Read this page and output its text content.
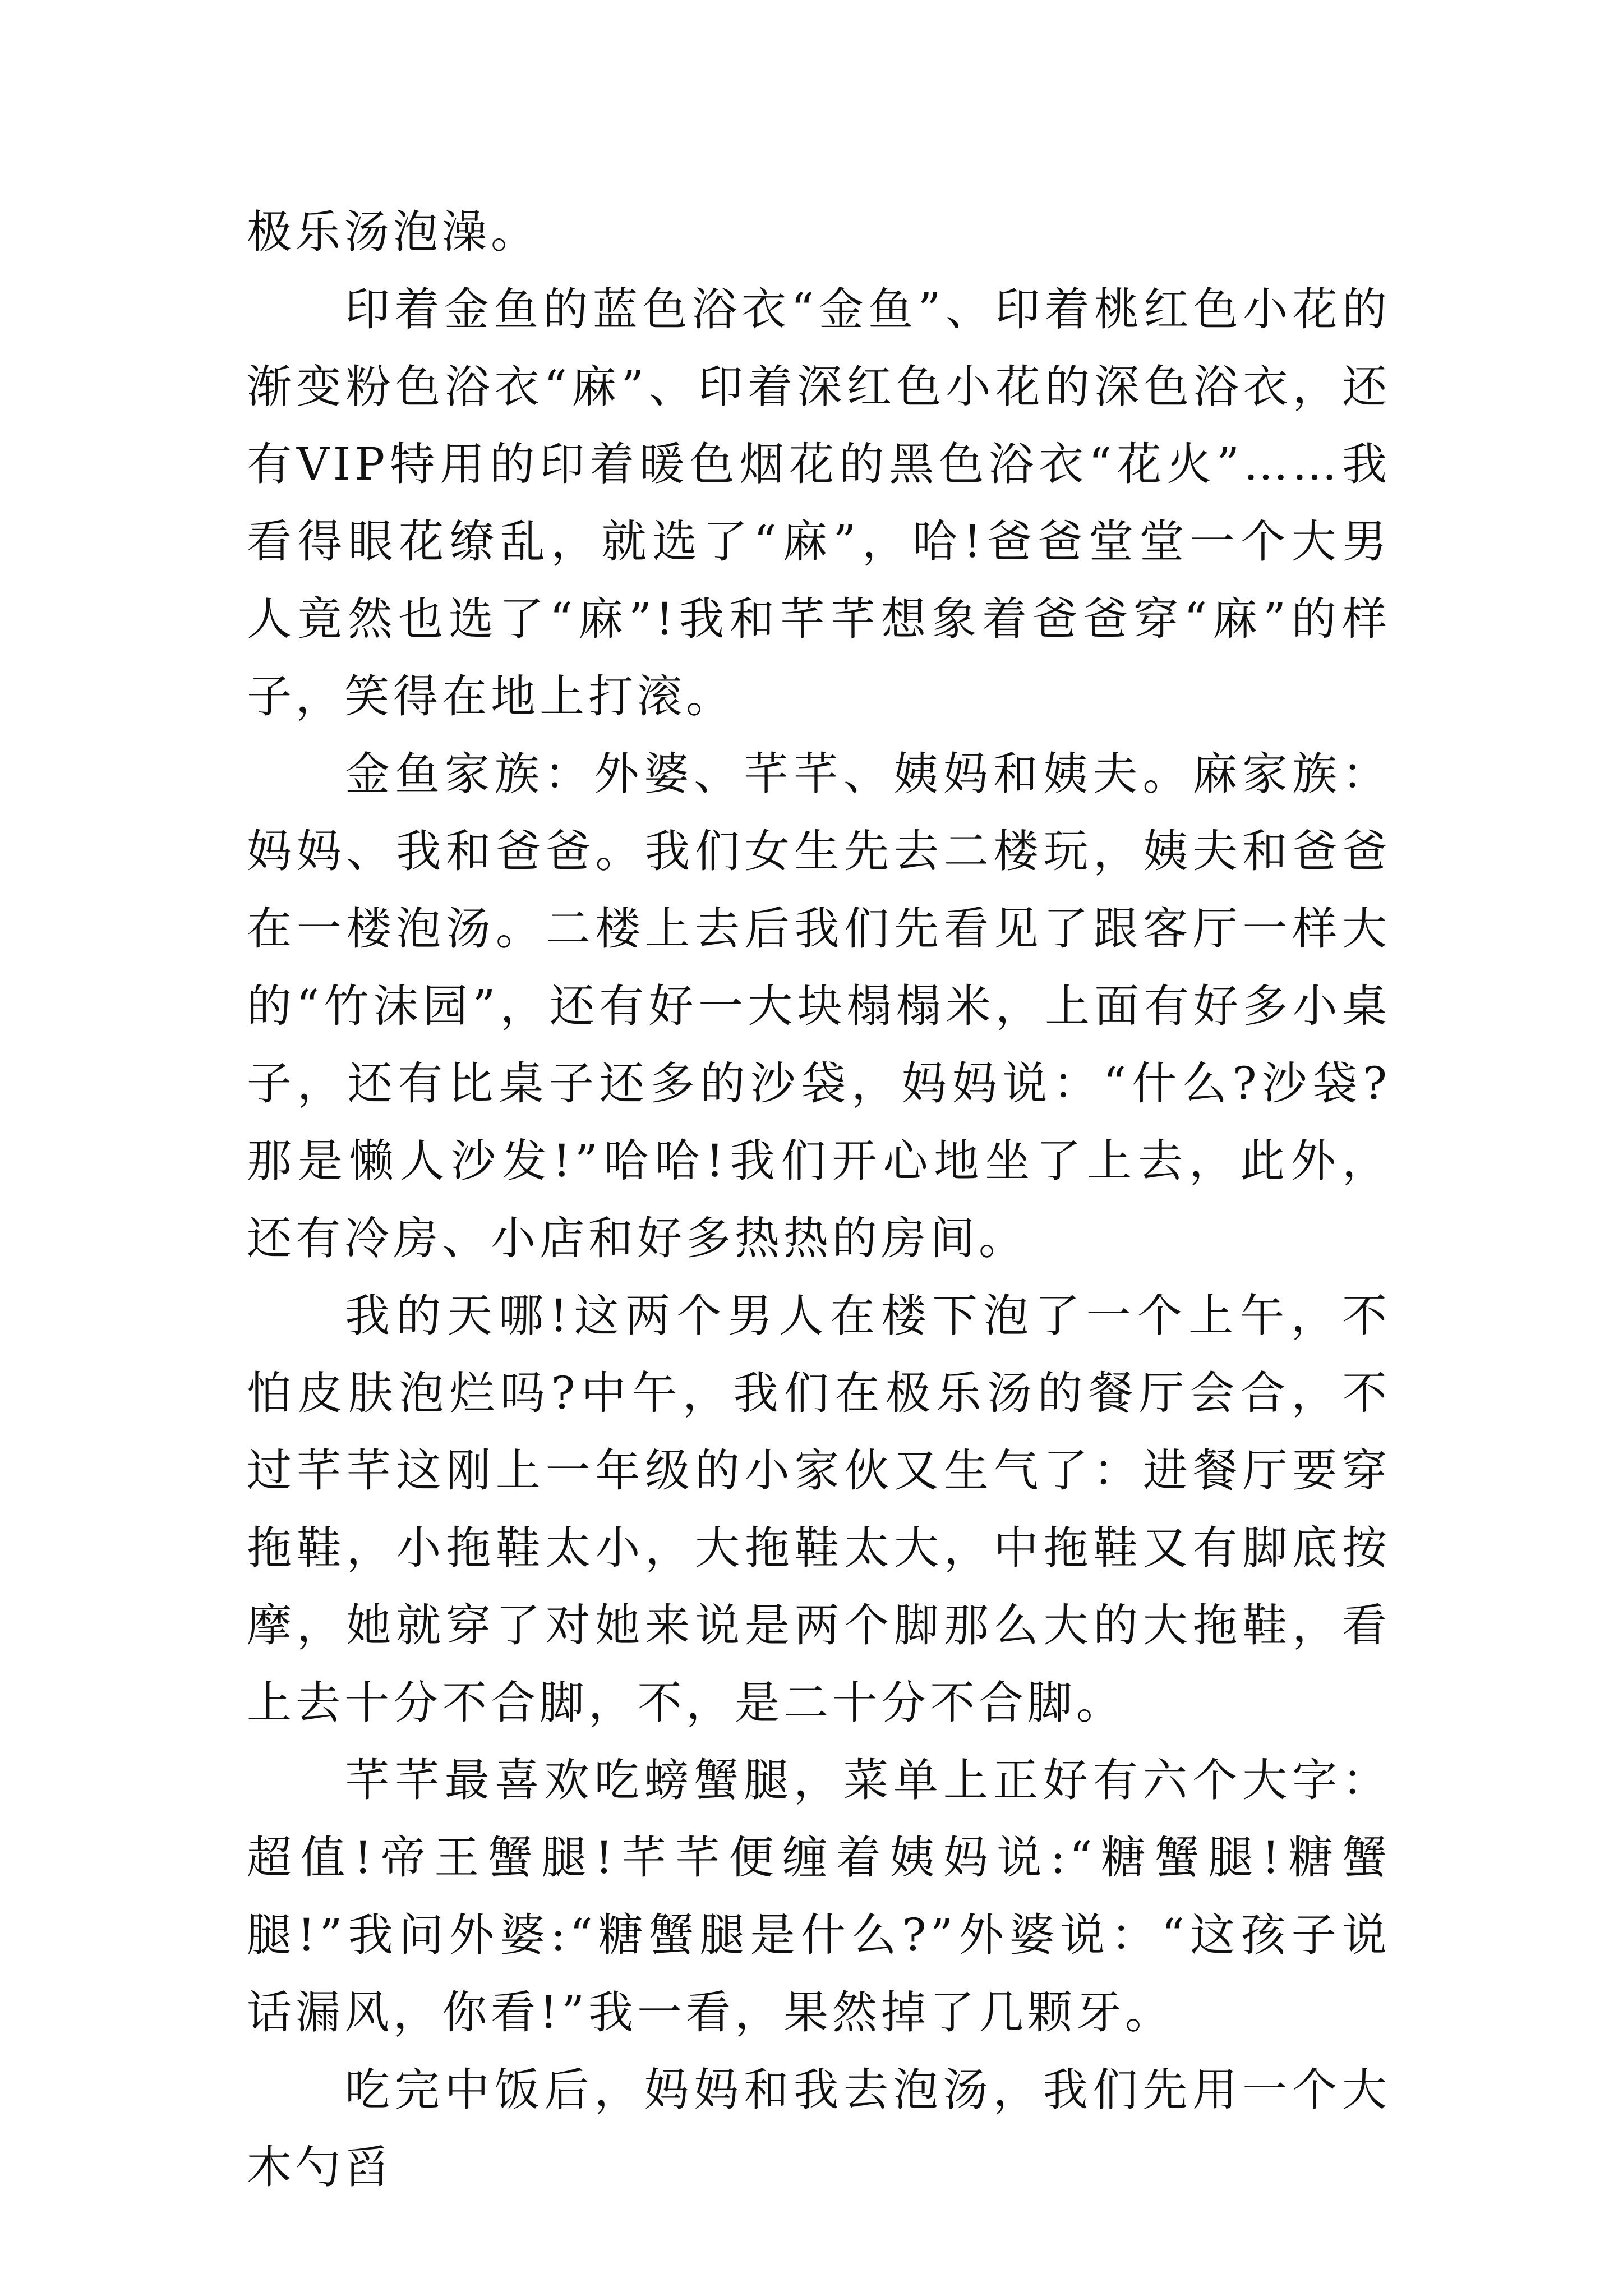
极乐汤泡澡。

印着金鱼的蓝色浴衣“金鱼”、印着桃红色小花的渐变粉色浴衣“麻”、印着深红色小花的深色浴衣，还有VIP特用的印着暖色烟花的黑色浴衣“花火”……我看得眼花缭乱，就选了“麻”，哈!爸爸堂堂一个大男人竟然也选了“麻”!我和芊芊想象着爸爸穿“麻”的样子，笑得在地上打滚。

金鱼家族：外婆、芊芊、姨妈和姨夫。麻家族：妈妈、我和爸爸。我们女生先去二楼玩，姨夫和爸爸在一楼泡汤。二楼上去后我们先看见了跟客厅一样大的“竹沫园”，还有好一大块榻榻米，上面有好多小桌子，还有比桌子还多的沙袋，妈妈说：“什么?沙袋?那是懒人沙发!”哈哈!我们开心地坐了上去，此外，还有冷房、小店和好多热热的房间。

我的天哪!这两个男人在楼下泡了一个上午，不怕皮肤泡烂吗?中午，我们在极乐汤的餐厅会合，不过芊芊这刚上一年级的小家伙又生气了：进餐厅要穿拖鞋，小拖鞋太小，大拖鞋太大，中拖鞋又有脚底按摩，她就穿了对她来说是两个脚那么大的大拖鞋，看上去十分不合脚，不，是二十分不合脚。

芊芊最喜欢吃螃蟹腿，菜单上正好有六个大字：超值!帝王蟹腿!芊芊便缠着姨妈说:“糖蟹腿!糖蟹腿!”我问外婆:“糖蟹腿是什么?”外婆说：“这孩子说话漏风，你看!”我一看，果然掉了几颗牙。

吃完中饭后，妈妈和我去泡汤，我们先用一个大木勺舀
